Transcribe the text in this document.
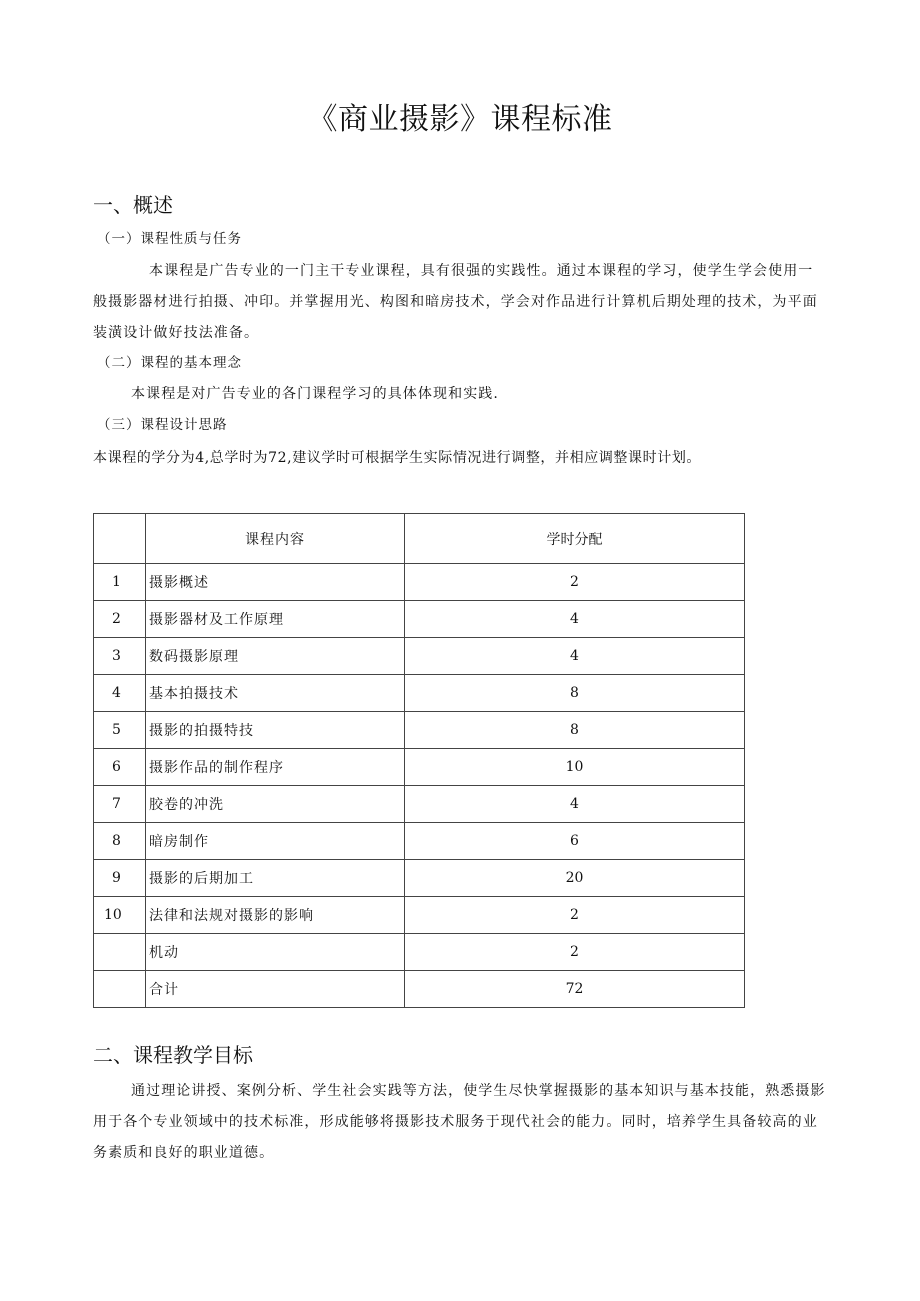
《商业摄影》课程标准
一、概述
（一）课程性质与任务
本课程是广告专业的一门主干专业课程，具有很强的实践性。通过本课程的学习，使学生学会使用一般摄影器材进行拍摄、冲印。并掌握用光、构图和暗房技术，学会对作品进行计算机后期处理的技术，为平面装潢设计做好技法准备。
（二）课程的基本理念
本课程是对广告专业的各门课程学习的具体体现和实践.
（三）课程设计思路
本课程的学分为4,总学时为72,建议学时可根据学生实际情况进行调整，并相应调整课时计划。
	课程内容	学时分配
1	摄影概述	2
2	摄影器材及工作原理	4
3	数码摄影原理	4
4	基本拍摄技术	8
5	摄影的拍摄特技	8
6	摄影作品的制作程序	10
7	胶卷的冲洗	4
8	暗房制作	6
9	摄影的后期加工	20
10	法律和法规对摄影的影响	2
	机动	2
	合计	72
二、课程教学目标
通过理论讲授、案例分析、学生社会实践等方法，使学生尽快掌握摄影的基本知识与基本技能，熟悉摄影用于各个专业领域中的技术标准，形成能够将摄影技术服务于现代社会的能力。同时，培养学生具备较高的业务素质和良好的职业道德。
